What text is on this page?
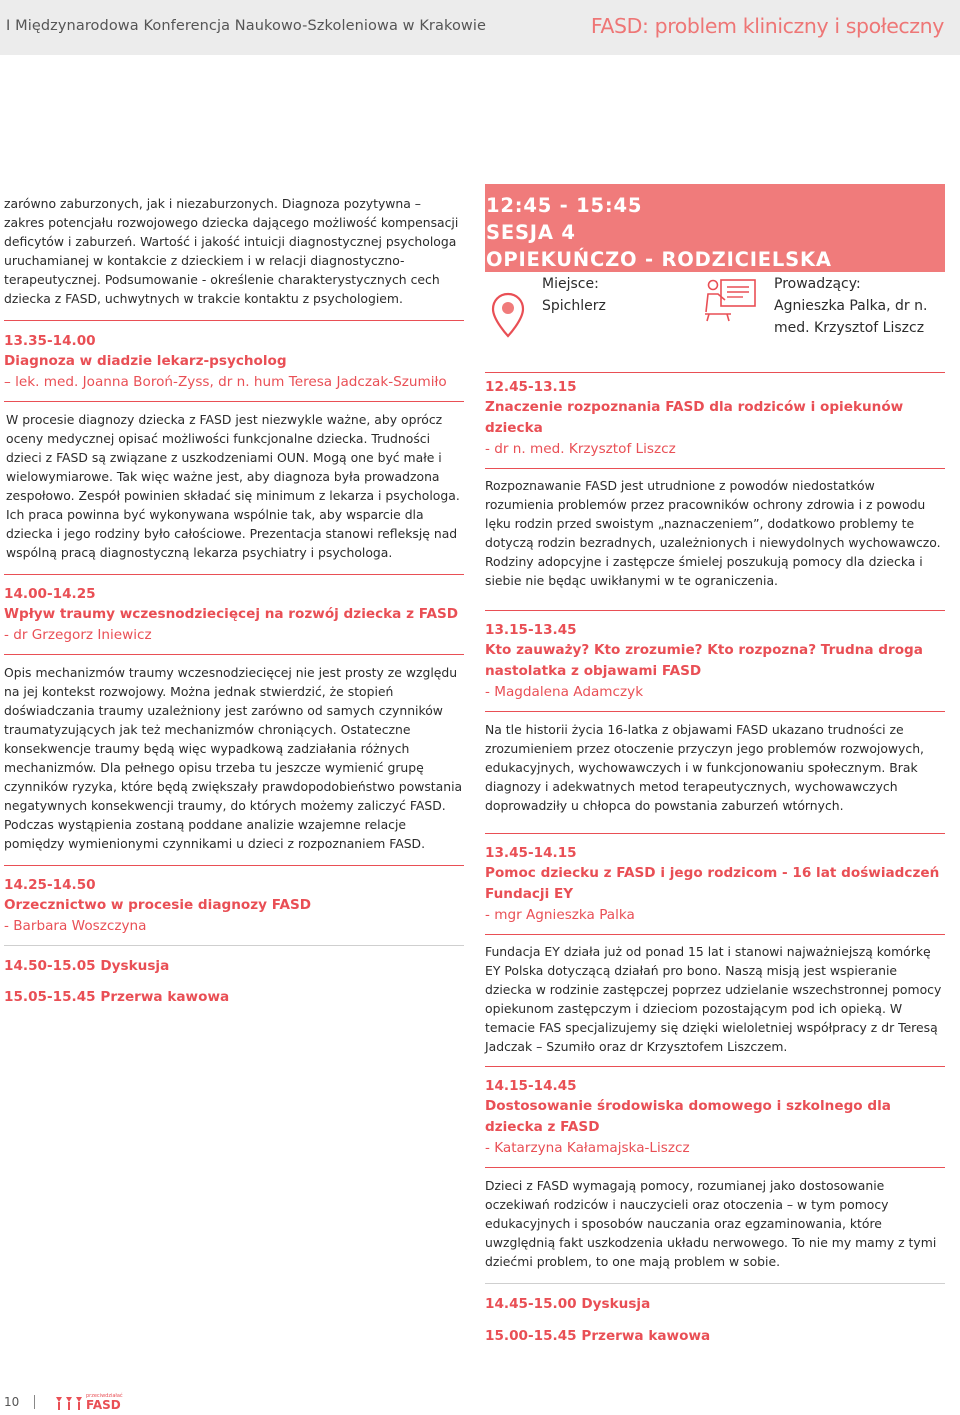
I Międzynarodowa Konferencja Naukowo-Szkoleniowa w Krakowie	FASD: problem kliniczny i społeczny

zarówno zaburzonych, jak i niezaburzonych. Diagnoza pozytywna – zakres potencjału rozwojowego dziecka dającego możliwość kompensacji deficytów i zaburzeń. Wartość i jakość intuicji diagnostycznej psychologa uruchamianej w kontakcie z dzieckiem i w relacji diagnostyczno-terapeutycznej. Podsumowanie - określenie charakterystycznych cech dziecka z FASD, uchwytnych w trakcie kontaktu z psychologiem.

13.35-14.00

Diagnoza w diadzie lekarz-psycholog

– lek. med. Joanna Boroń-Zyss, dr n. hum Teresa Jadczak-Szumiło

W procesie diagnozy dziecka z FASD jest niezwykle ważne, aby oprócz oceny medycznej opisać możliwości funkcjonalne dziecka. Trudności dzieci z FASD są związane z uszkodzeniami OUN. Mogą one być małe i wielowymiarowe. Tak więc ważne jest, aby diagnoza była prowadzona zespołowo. Zespół powinien składać się minimum z lekarza i psychologa. Ich praca powinna być wykonywana wspólnie tak, aby wsparcie dla dziecka i jego rodziny było całościowe. Prezentacja stanowi refleksję nad wspólną pracą diagnostyczną lekarza psychiatry i psychologa.

14.00-14.25

Wpływ traumy wczesnodziecięcej na rozwój dziecka z FASD

- dr Grzegorz Iniewicz

Opis mechanizmów traumy wczesnodziecięcej nie jest prosty ze względu na jej kontekst rozwojowy. Można jednak stwierdzić, że stopień doświadczania traumy uzależniony jest zarówno od samych czynników traumatyzujących jak też mechanizmów chroniących. Ostateczne konsekwencje traumy będą więc wypadkową zadziałania różnych mechanizmów. Dla pełnego opisu trzeba tu jeszcze wymienić grupę czynników ryzyka, które będą zwiększały prawdopodobieństwo powstania negatywnych konsekwencji traumy, do których możemy zaliczyć FASD. Podczas wystąpienia zostaną poddane analizie wzajemne relacje pomiędzy wymienionymi czynnikami u dzieci z rozpoznaniem FASD.

14.25-14.50

Orzecznictwo w procesie diagnozy FASD

- Barbara Woszczyna

14.50-15.05 Dyskusja

15.05-15.45 Przerwa kawowa

12:45 - 15:45
SESJA 4
OPIEKUŃCZO - RODZICIELSKA
Miejsce:
Spichlerz
Prowadzący:
Agnieszka Palka, dr n. med. Krzysztof Liszcz

12.45-13.15

Znaczenie rozpoznania FASD dla rodziców i opiekunów dziecka

- dr n. med. Krzysztof Liszcz

Rozpoznawanie FASD jest utrudnione z powodów niedostatków rozumienia problemów przez pracowników ochrony zdrowia i z powodu lęku rodzin przed swoistym „naznaczeniem”, dodatkowo problemy te dotyczą rodzin bezradnych, uzależnionych i niewydolnych wychowawczo. Rodziny adopcyjne i zastępcze śmielej poszukują pomocy dla dziecka i siebie nie będąc uwikłanymi w te ograniczenia.

13.15-13.45

Kto zauważy? Kto zrozumie? Kto rozpozna? Trudna droga nastolatka z objawami FASD

- Magdalena Adamczyk

Na tle historii życia 16-latka z objawami FASD ukazano trudności ze zrozumieniem przez otoczenie przyczyn jego problemów rozwojowych, edukacyjnych, wychowawczych i w funkcjonowaniu społecznym. Brak diagnozy i adekwatnych metod terapeutycznych, wychowawczych doprowadziły u chłopca do powstania zaburzeń wtórnych.

13.45-14.15

Pomoc dziecku z FASD i jego rodzicom - 16 lat doświadczeń Fundacji EY

- mgr Agnieszka Palka

Fundacja EY działa już od ponad 15 lat i stanowi najważniejszą komórkę EY Polska dotyczącą działań pro bono. Naszą misją jest wspieranie dziecka w rodzinie zastępczej poprzez udzielanie wszechstronnej pomocy opiekunom zastępczym i dzieciom pozostającym pod ich opieką. W temacie FAS specjalizujemy się dzięki wieloletniej współpracy z dr Teresą Jadczak – Szumiło oraz dr Krzysztofem Liszczem.

14.15-14.45

Dostosowanie środowiska domowego i szkolnego dla dziecka z FASD

- Katarzyna Kałamajska-Liszcz

Dzieci z FASD wymagają pomocy, rozumianej jako dostosowanie oczekiwań rodziców i nauczycieli oraz otoczenia – w tym pomocy edukacyjnych i sposobów nauczania oraz egzaminowania, które uwzględnią fakt uszkodzenia układu nerwowego. To nie my mamy z tymi dziećmi problem, to one mają problem w sobie.

14.45-15.00 Dyskusja

15.00-15.45 Przerwa kawowa

10	przeciwdziałać
FASD
